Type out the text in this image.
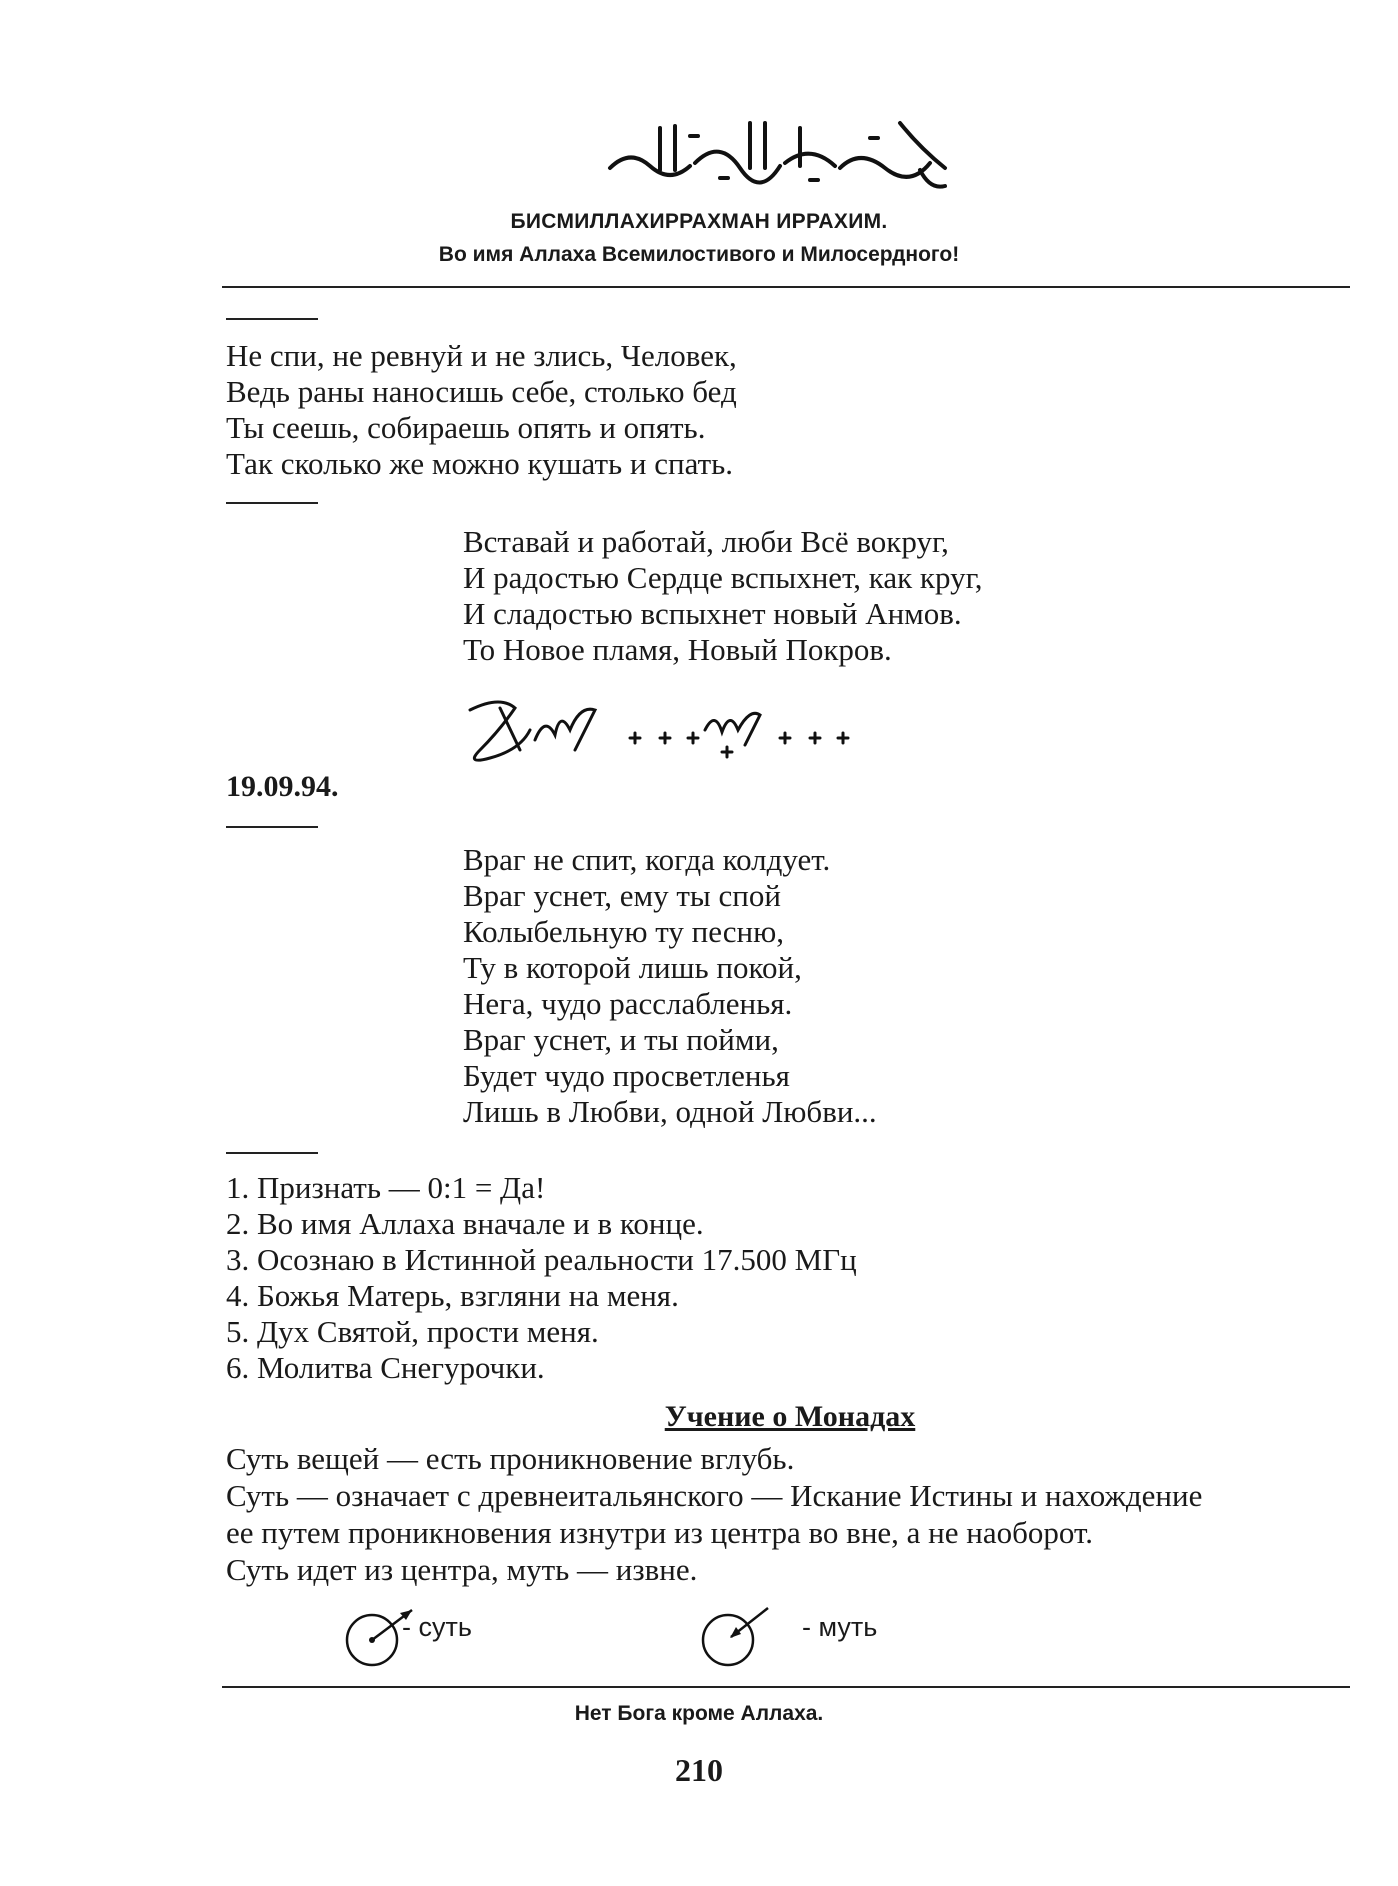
БИСМИЛЛАХИРРАХМАН ИРРАХИМ.
Во имя Аллаха Всемилостивого и Милосердного!
Не спи, не ревнуй и не злись, Человек,
Ведь раны наносишь себе, столько бед
Ты сеешь, собираешь опять и опять.
Так сколько же можно кушать и спать.
Вставай и работай, люби Всё вокруг,
И радостью Сердце вспыхнет, как круг,
И сладостью вспыхнет новый Анмов.
То Новое пламя, Новый Покров.
19.09.94.
Враг не спит, когда колдует.
Враг уснет, ему ты спой
Колыбельную ту песню,
Ту в которой лишь покой,
Нега, чудо расслабленья.
Враг уснет, и ты пойми,
Будет чудо просветленья
Лишь в Любви, одной Любви...
1. Признать — 0:1 = Да!
2. Во имя Аллаха вначале и в конце.
3. Осознаю в Истинной реальности 17.500 МГц
4. Божья Матерь, взгляни на меня.
5. Дух Святой, прости меня.
6. Молитва Снегурочки.
Учение о Монадах
Суть вещей — есть проникновение вглубь.
Суть — означает с древнеитальянского — Искание Истины и нахождение
ее путем проникновения изнутри из центра во вне, а не наоборот.
Суть идет из центра, муть — извне.
- суть	- муть
Нет Бога кроме Аллаха.
210
